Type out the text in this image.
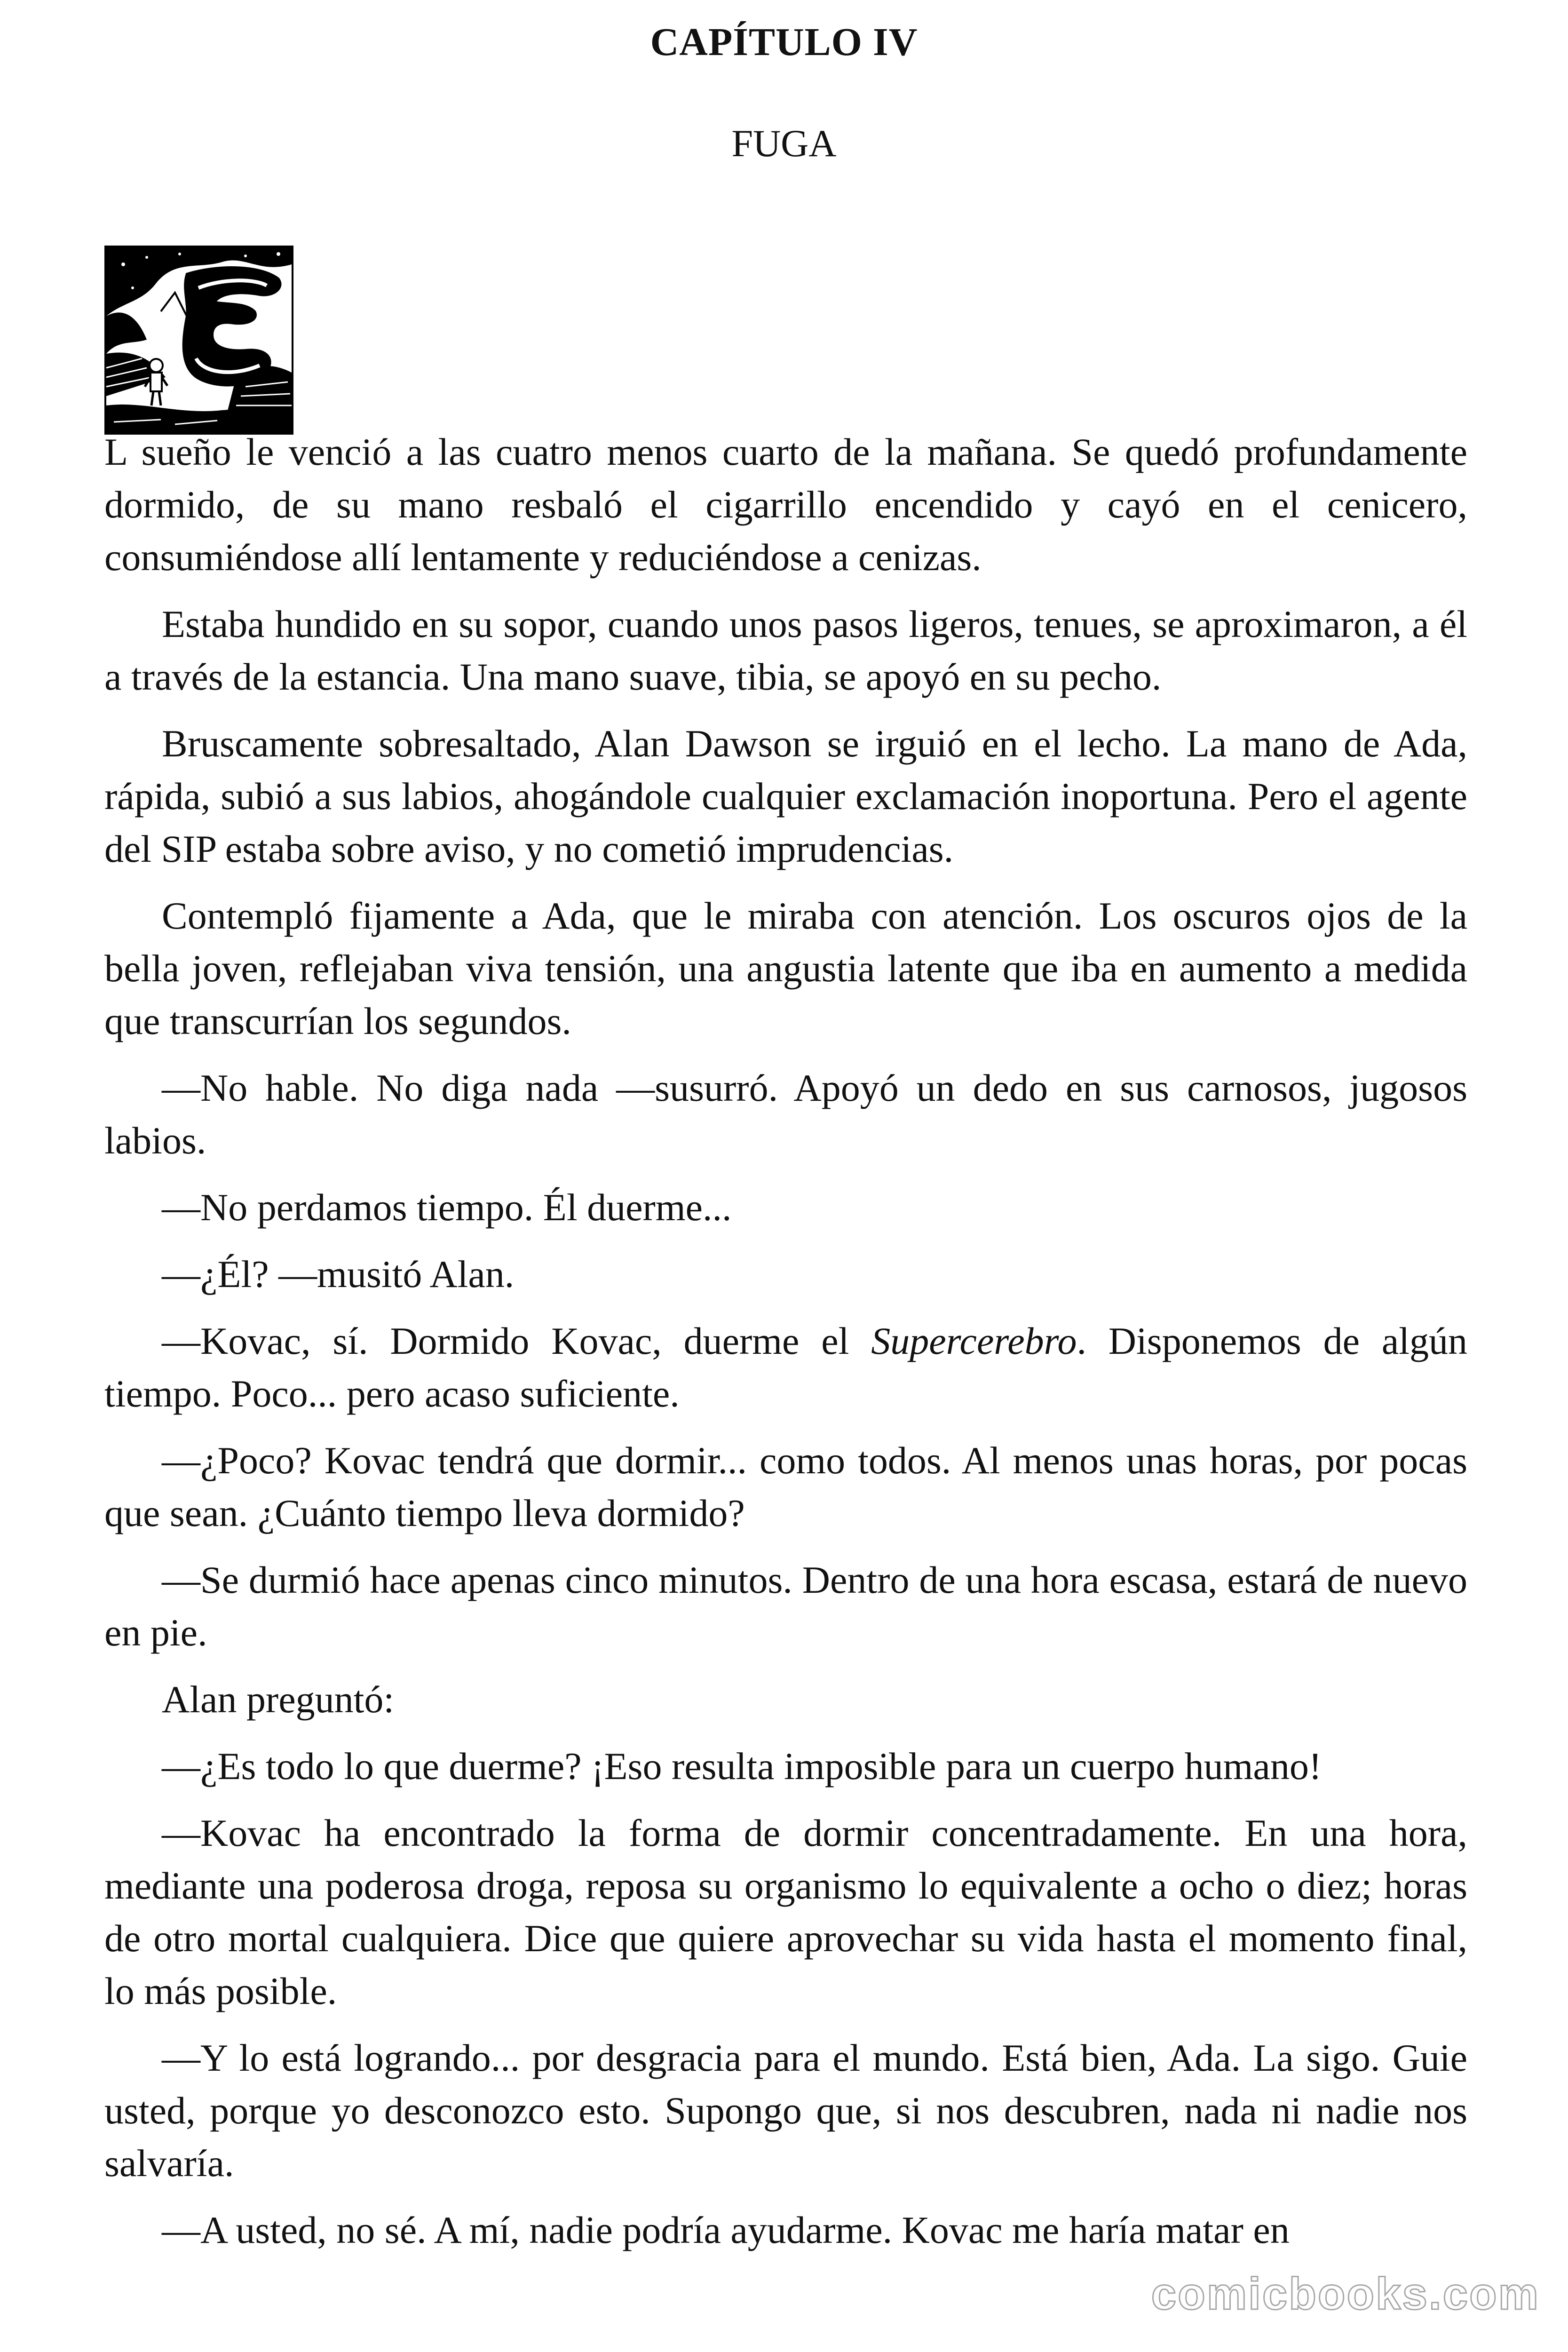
CAPÍTULO IV
FUGA

L sueño le venció a las cuatro menos cuarto de la mañana. Se quedó profundamente dormido, de su mano resbaló el cigarrillo encendido y cayó en el cenicero, consumiéndose allí lentamente y reduciéndose a cenizas.

Estaba hundido en su sopor, cuando unos pasos ligeros, tenues, se aproximaron, a él a través de la estancia. Una mano suave, tibia, se apoyó en su pecho.

Bruscamente sobresaltado, Alan Dawson se irguió en el lecho. La mano de Ada, rápida, subió a sus labios, ahogándole cualquier exclamación inoportuna. Pero el agente del SIP estaba sobre aviso, y no cometió imprudencias.

Contempló fijamente a Ada, que le miraba con atención. Los oscuros ojos de la bella joven, reflejaban viva tensión, una angustia latente que iba en aumento a medida que transcurrían los segundos.

—No hable. No diga nada —susurró. Apoyó un dedo en sus carnosos, jugosos labios.

—No perdamos tiempo. Él duerme...

—¿Él? —musitó Alan.

—Kovac, sí. Dormido Kovac, duerme el Supercerebro. Disponemos de algún tiempo. Poco... pero acaso suficiente.

—¿Poco? Kovac tendrá que dormir... como todos. Al menos unas horas, por pocas que sean. ¿Cuánto tiempo lleva dormido?

—Se durmió hace apenas cinco minutos. Dentro de una hora escasa, estará de nuevo en pie.

Alan preguntó:

—¿Es todo lo que duerme? ¡Eso resulta imposible para un cuerpo humano!

—Kovac ha encontrado la forma de dormir concentradamente. En una hora, mediante una poderosa droga, reposa su organismo lo equivalente a ocho o diez; horas de otro mortal cualquiera. Dice que quiere aprovechar su vida hasta el momento final, lo más posible.

—Y lo está logrando... por desgracia para el mundo. Está bien, Ada. La sigo. Guie usted, porque yo desconozco esto. Supongo que, si nos descubren, nada ni nadie nos salvaría.

—A usted, no sé. A mí, nadie podría ayudarme. Kovac me haría matar en

comicbooks.com
